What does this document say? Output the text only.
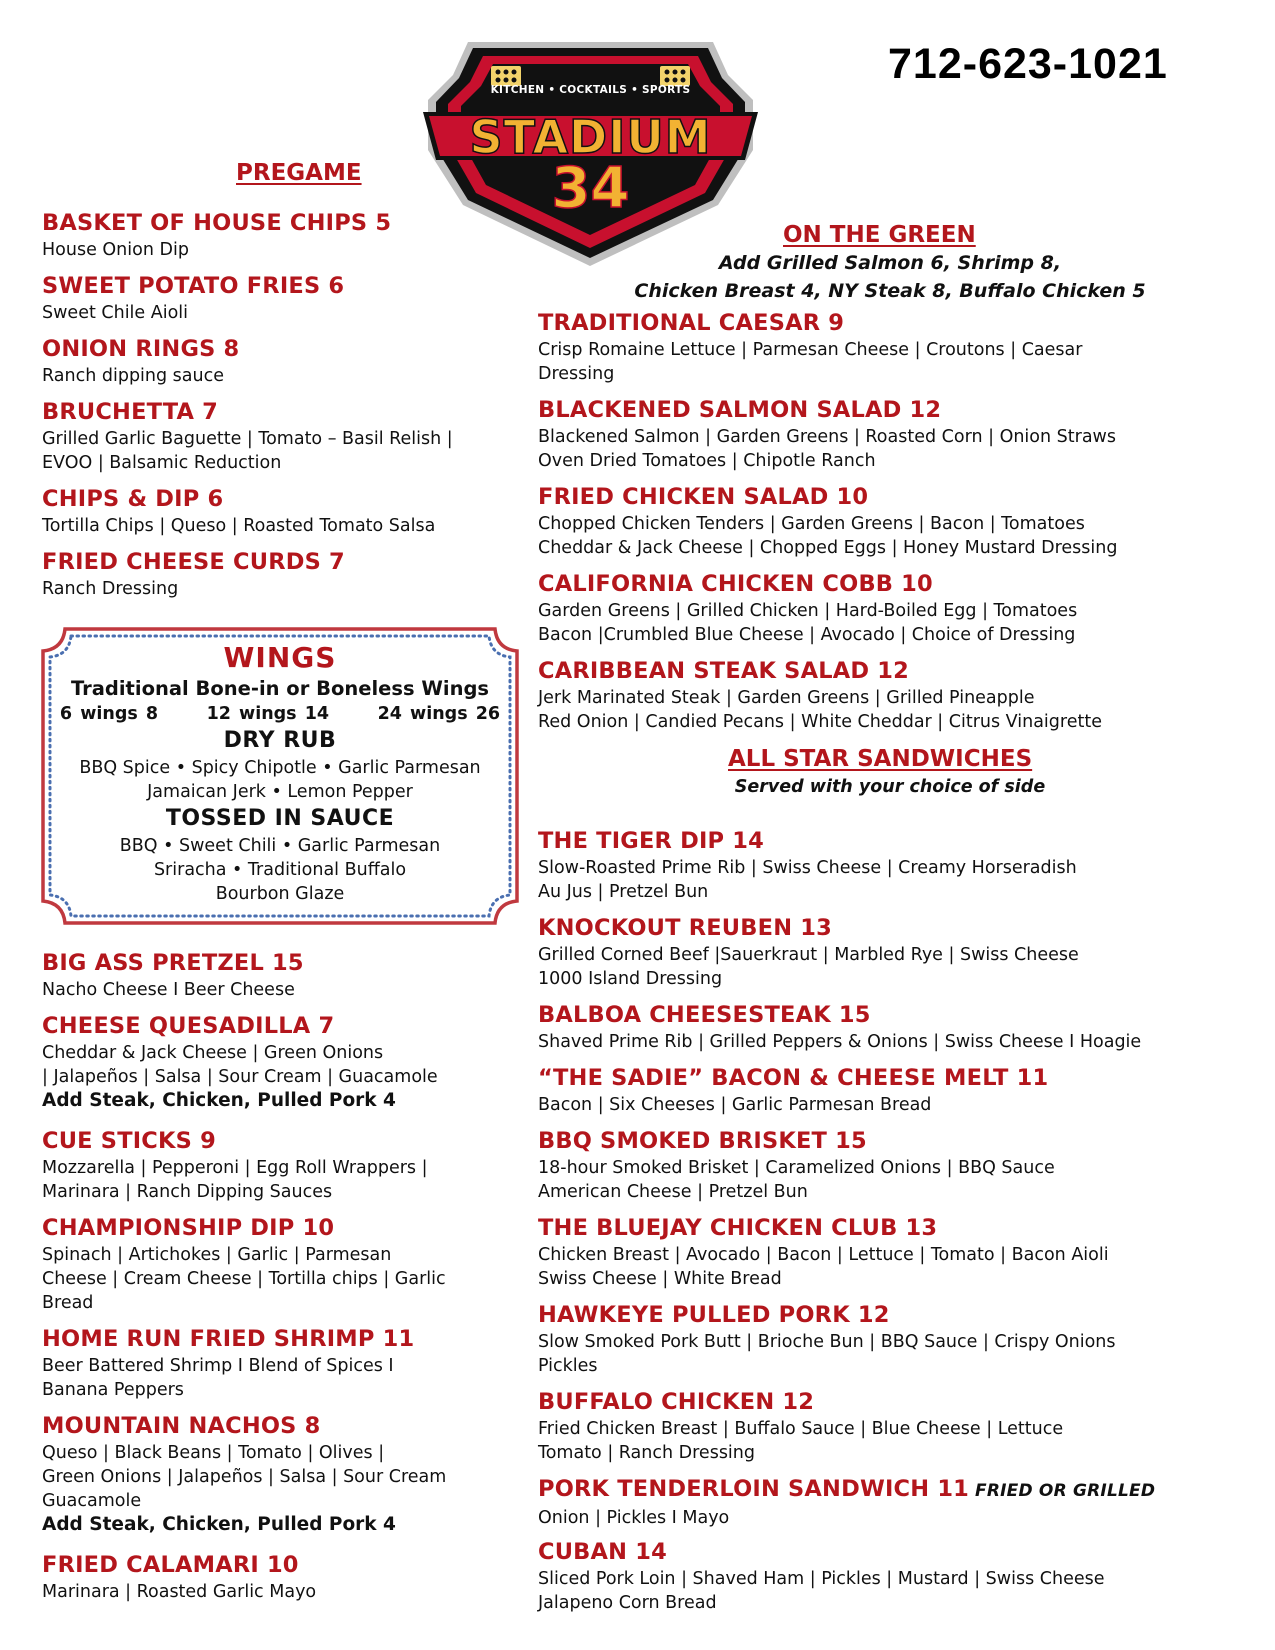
712-623-1021
KITCHEN • COCKTAILS • SPORTS
STADIUM
34
PREGAME
BASKET OF HOUSE CHIPS 5

House Onion Dip

SWEET POTATO FRIES 6

Sweet Chile Aioli

ONION RINGS 8

Ranch dipping sauce

BRUCHETTA 7

Grilled Garlic Baguette | Tomato – Basil Relish |
EVOO | Balsamic Reduction

CHIPS & DIP 6

Tortilla Chips | Queso | Roasted Tomato Salsa

FRIED CHEESE CURDS 7

Ranch Dressing

WINGS
Traditional Bone-in or Boneless Wings
6 wings 8      12 wings 14      24 wings 26
DRY RUB
BBQ Spice • Spicy Chipotle • Garlic Parmesan
Jamaican Jerk • Lemon Pepper
TOSSED IN SAUCE
BBQ • Sweet Chili • Garlic Parmesan
Sriracha • Traditional Buffalo
Bourbon Glaze
BIG ASS PRETZEL 15

Nacho Cheese I Beer Cheese

CHEESE QUESADILLA 7

Cheddar & Jack Cheese | Green Onions
| Jalapeños | Salsa | Sour Cream | Guacamole

Add Steak, Chicken, Pulled Pork 4

CUE STICKS 9

Mozzarella | Pepperoni | Egg Roll Wrappers |
Marinara | Ranch Dipping Sauces

CHAMPIONSHIP DIP 10

Spinach | Artichokes | Garlic | Parmesan
Cheese | Cream Cheese | Tortilla chips | Garlic
Bread

HOME RUN FRIED SHRIMP 11

Beer Battered Shrimp I Blend of Spices I
Banana Peppers

MOUNTAIN NACHOS 8

Queso | Black Beans | Tomato | Olives |
Green Onions | Jalapeños | Salsa | Sour Cream
Guacamole

Add Steak, Chicken, Pulled Pork 4

FRIED CALAMARI 10

Marinara | Roasted Garlic Mayo

ON THE GREEN
Add Grilled Salmon 6, Shrimp 8,
Chicken Breast 4, NY Steak 8, Buffalo Chicken 5
TRADITIONAL CAESAR 9

Crisp Romaine Lettuce | Parmesan Cheese | Croutons | Caesar
Dressing

BLACKENED SALMON SALAD 12

Blackened Salmon | Garden Greens | Roasted Corn | Onion Straws
Oven Dried Tomatoes | Chipotle Ranch

FRIED CHICKEN SALAD 10

Chopped Chicken Tenders | Garden Greens | Bacon | Tomatoes
Cheddar & Jack Cheese | Chopped Eggs | Honey Mustard Dressing

CALIFORNIA CHICKEN COBB 10

Garden Greens | Grilled Chicken | Hard-Boiled Egg | Tomatoes
Bacon |Crumbled Blue Cheese | Avocado | Choice of Dressing

CARIBBEAN STEAK SALAD 12

Jerk Marinated Steak | Garden Greens | Grilled Pineapple
Red Onion | Candied Pecans | White Cheddar | Citrus Vinaigrette

ALL STAR SANDWICHES
Served with your choice of side
THE TIGER DIP 14

Slow-Roasted Prime Rib | Swiss Cheese | Creamy Horseradish
Au Jus | Pretzel Bun

KNOCKOUT REUBEN 13

Grilled Corned Beef |Sauerkraut | Marbled Rye | Swiss Cheese
1000 Island Dressing

BALBOA CHEESESTEAK 15

Shaved Prime Rib | Grilled Peppers & Onions | Swiss Cheese I Hoagie

“THE SADIE” BACON & CHEESE MELT 11

Bacon | Six Cheeses | Garlic Parmesan Bread

BBQ SMOKED BRISKET 15

18-hour Smoked Brisket | Caramelized Onions | BBQ Sauce
American Cheese | Pretzel Bun

THE BLUEJAY CHICKEN CLUB 13

Chicken Breast | Avocado | Bacon | Lettuce | Tomato | Bacon Aioli
Swiss Cheese | White Bread

HAWKEYE PULLED PORK 12

Slow Smoked Pork Butt | Brioche Bun | BBQ Sauce | Crispy Onions
Pickles

BUFFALO CHICKEN 12

Fried Chicken Breast | Buffalo Sauce | Blue Cheese | Lettuce
Tomato | Ranch Dressing

PORK TENDERLOIN SANDWICH 11 FRIED OR GRILLED

Onion | Pickles I Mayo

CUBAN 14

Sliced Pork Loin | Shaved Ham | Pickles | Mustard | Swiss Cheese
Jalapeno Corn Bread
